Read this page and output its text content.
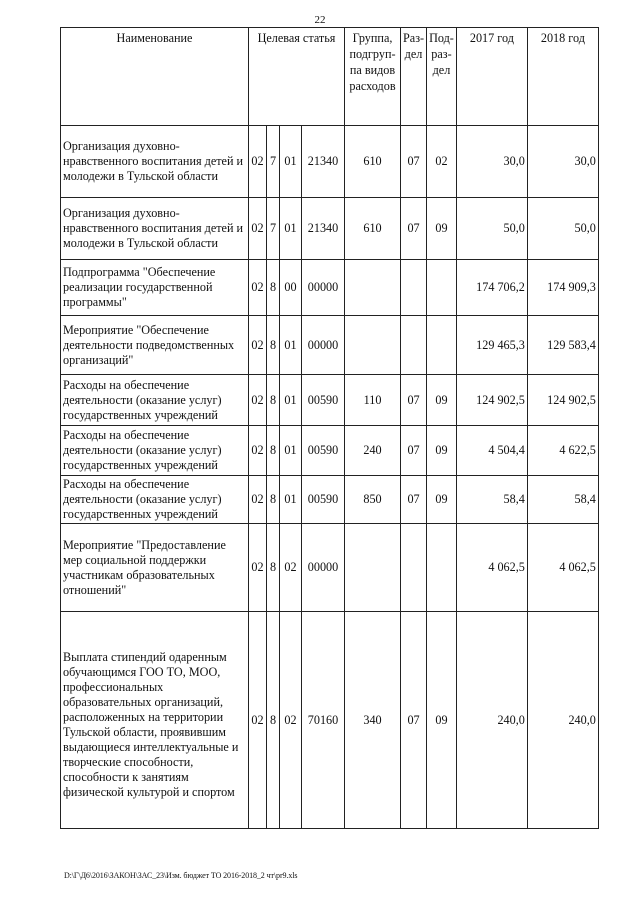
22
Наименование	Целевая статья				Группа, подгруп-па видов расходов	Раз-дел	Под-раз-дел	2017 год	2018 год
Организация духовно-нравственного воспитания детей и молодежи в Тульской области	02	7	01	21340	610	07	02	30,0	30,0
Организация духовно-нравственного воспитания детей и молодежи в Тульской области	02	7	01	21340	610	07	09	50,0	50,0
Подпрограмма "Обеспечение реализации государственной программы"	02	8	00	00000				174 706,2	174 909,3
Мероприятие "Обеспечение деятельности подведомственных организаций"	02	8	01	00000				129 465,3	129 583,4
Расходы на обеспечение деятельности (оказание услуг) государственных учреждений	02	8	01	00590	110	07	09	124 902,5	124 902,5
Расходы на обеспечение деятельности (оказание услуг) государственных учреждений	02	8	01	00590	240	07	09	4 504,4	4 622,5
Расходы на обеспечение деятельности (оказание услуг) государственных учреждений	02	8	01	00590	850	07	09	58,4	58,4
Мероприятие "Предоставление мер социальной поддержки участникам образовательных отношений"	02	8	02	00000				4 062,5	4 062,5
Выплата стипендий одаренным обучающимся ГОО ТО, МОО, профессиональных образовательных организаций, расположенных на территории Тульской области, проявившим выдающиеся интеллектуальные и творческие способности, способности к занятиям физической культурой и спортом	02	8	02	70160	340	07	09	240,0	240,0
D:\Г\Д6\2016\ЗАКОН\ЗАС_23\Изм. бюджет ТО 2016-2018_2 чт\pr9.xls
